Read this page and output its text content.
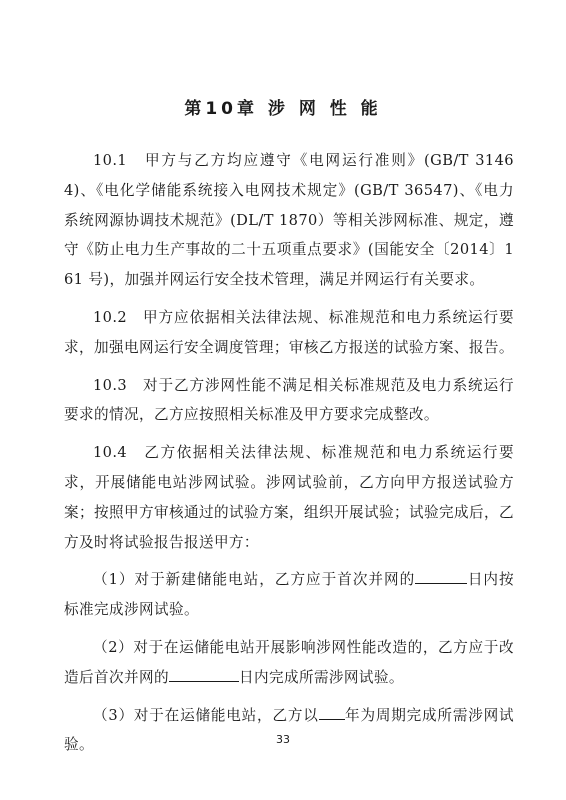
第10章 涉 网 性 能

10.1　甲方与乙方均应遵守《电网运行准则》(GB/T 31464)、《电化学储能系统接入电网技术规定》(GB/T 36547)、《电力系统网源协调技术规范》(DL/T 1870）等相关涉网标准、规定，遵守《防止电力生产事故的二十五项重点要求》(国能安全〔2014〕161 号)，加强并网运行安全技术管理，满足并网运行有关要求。

10.2　甲方应依据相关法律法规、标准规范和电力系统运行要求，加强电网运行安全调度管理；审核乙方报送的试验方案、报告。

10.3　对于乙方涉网性能不满足相关标准规范及电力系统运行要求的情况，乙方应按照相关标准及甲方要求完成整改。

10.4　乙方依据相关法律法规、标准规范和电力系统运行要求，开展储能电站涉网试验。涉网试验前，乙方向甲方报送试验方案；按照甲方审核通过的试验方案，组织开展试验；试验完成后，乙方及时将试验报告报送甲方：

（1）对于新建储能电站，乙方应于首次并网的	日内按标准完成涉网试验。

（2）对于在运储能电站开展影响涉网性能改造的，乙方应于改造后首次并网的	日内完成所需涉网试验。

（3）对于在运储能电站，乙方以 年为周期完成所需涉网试验。	33
